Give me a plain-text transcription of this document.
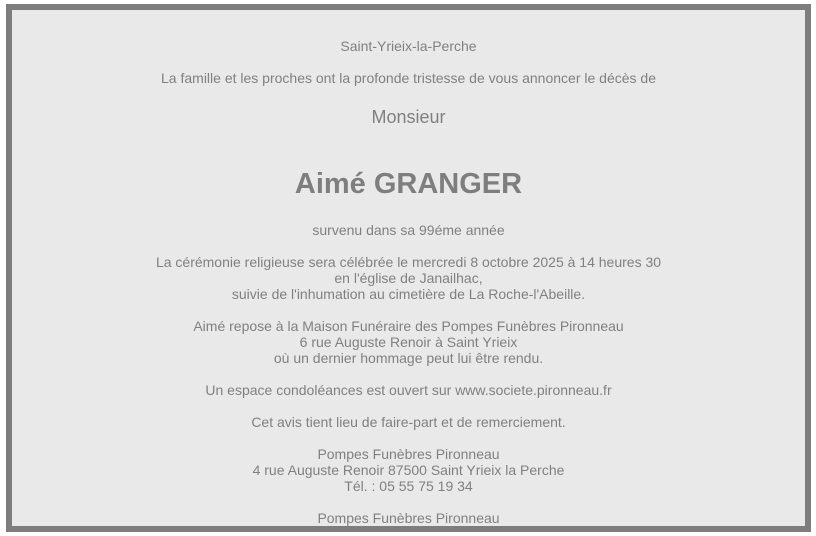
Saint-Yrieix-la-Perche

La famille et les proches ont la profonde tristesse de vous annoncer le décès de

Monsieur

Aimé GRANGER

survenu dans sa 99éme année

La cérémonie religieuse sera célébrée le mercredi 8 octobre 2025 à 14 heures 30
en l'église de Janailhac,
suivie de l'inhumation au cimetière de La Roche-l'Abeille.

Aimé repose à la Maison Funéraire des Pompes Funèbres Pironneau
6 rue Auguste Renoir à Saint Yrieix
où un dernier hommage peut lui être rendu.

Un espace condoléances est ouvert sur www.societe.pironneau.fr

Cet avis tient lieu de faire-part et de remerciement.

Pompes Funèbres Pironneau
4 rue Auguste Renoir 87500 Saint Yrieix la Perche
Tél. : 05 55 75 19 34

Pompes Funèbres Pironneau
